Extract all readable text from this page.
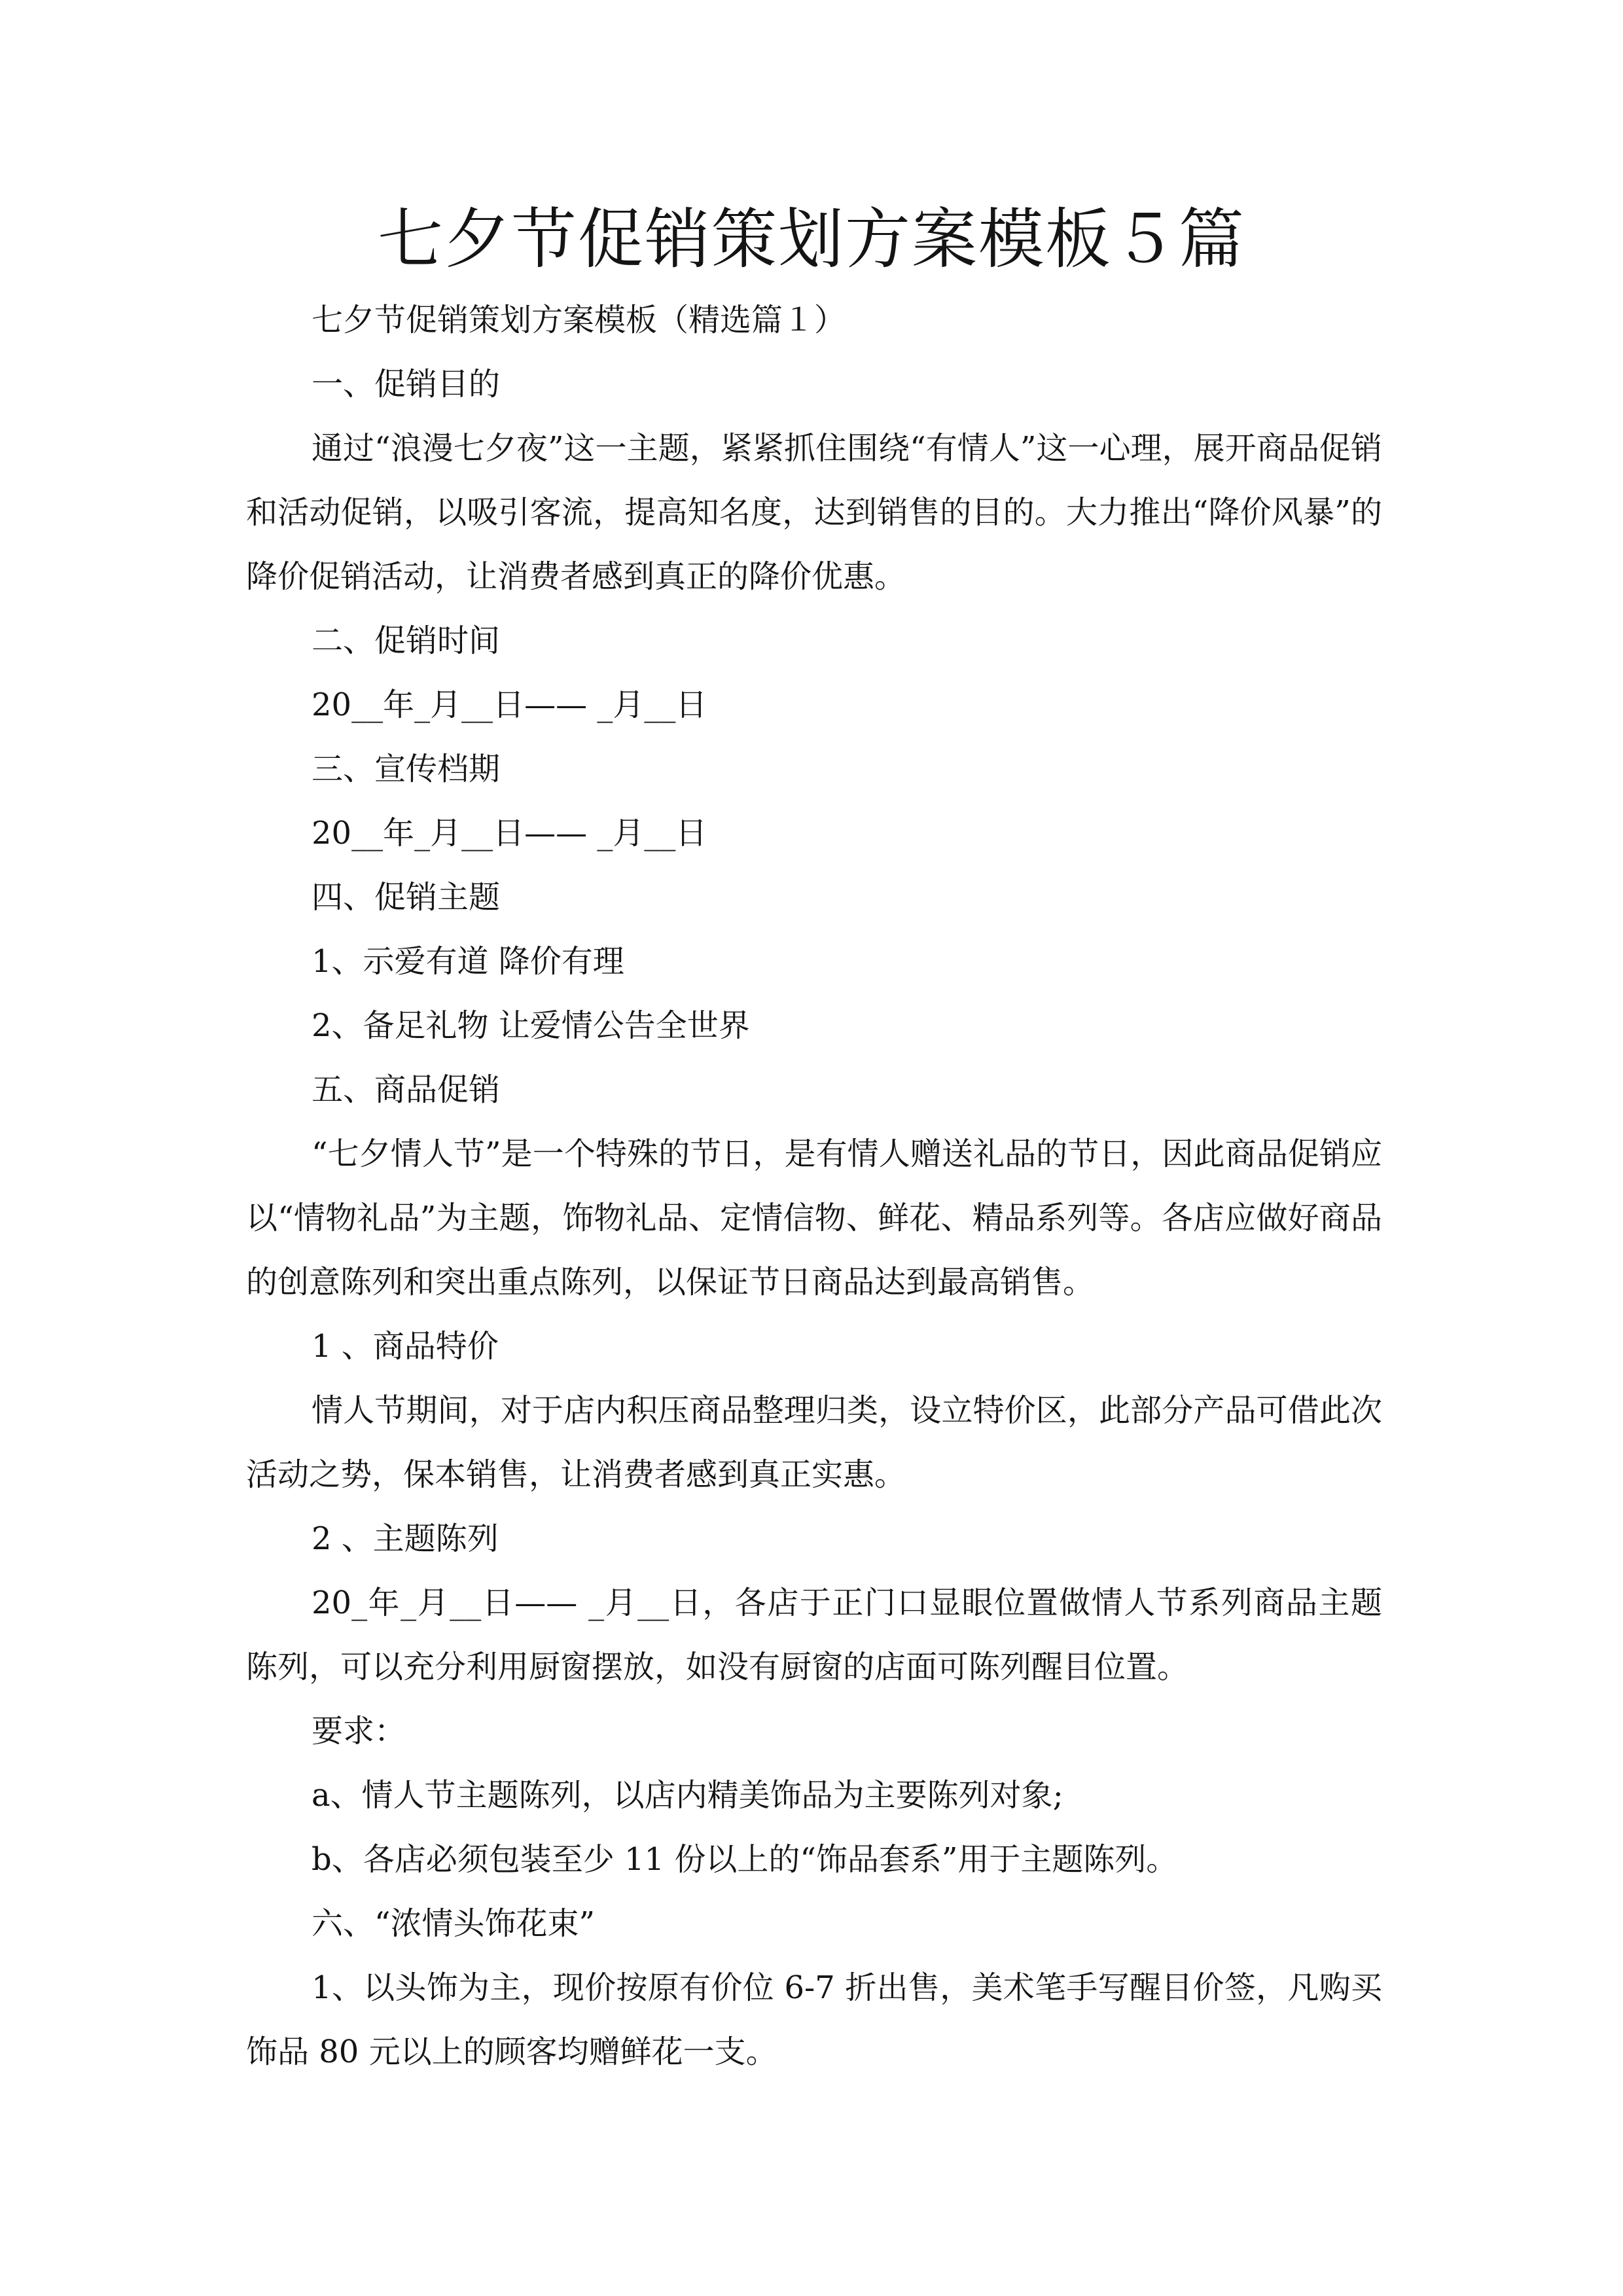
七夕节促销策划方案模板５篇

七夕节促销策划方案模板（精选篇１）

一、促销目的

通过“浪漫七夕夜”这一主题，紧紧抓住围绕“有情人”这一心理，展开商品促销和活动促销，以吸引客流，提高知名度，达到销售的目的。大力推出“降价风暴”的降价促销活动，让消费者感到真正的降价优惠。

二、促销时间

20__年_月__日—— _月__日

三、宣传档期

20__年_月__日—— _月__日

四、促销主题

1、示爱有道 降价有理

2、备足礼物 让爱情公告全世界

五、商品促销

“七夕情人节”是一个特殊的节日，是有情人赠送礼品的节日，因此商品促销应以“情物礼品”为主题，饰物礼品、定情信物、鲜花、精品系列等。各店应做好商品的创意陈列和突出重点陈列，以保证节日商品达到最高销售。

1 、商品特价

情人节期间，对于店内积压商品整理归类，设立特价区，此部分产品可借此次活动之势，保本销售，让消费者感到真正实惠。

2 、主题陈列

20_年_月__日—— _月__日，各店于正门口显眼位置做情人节系列商品主题陈列，可以充分利用厨窗摆放，如没有厨窗的店面可陈列醒目位置。

要求：

a、情人节主题陈列，以店内精美饰品为主要陈列对象;

b、各店必须包装至少 11 份以上的“饰品套系”用于主题陈列。

六、“浓情头饰花束”

1、以头饰为主，现价按原有价位 6-7 折出售，美术笔手写醒目价签，凡购买饰品 80 元以上的顾客均赠鲜花一支。
